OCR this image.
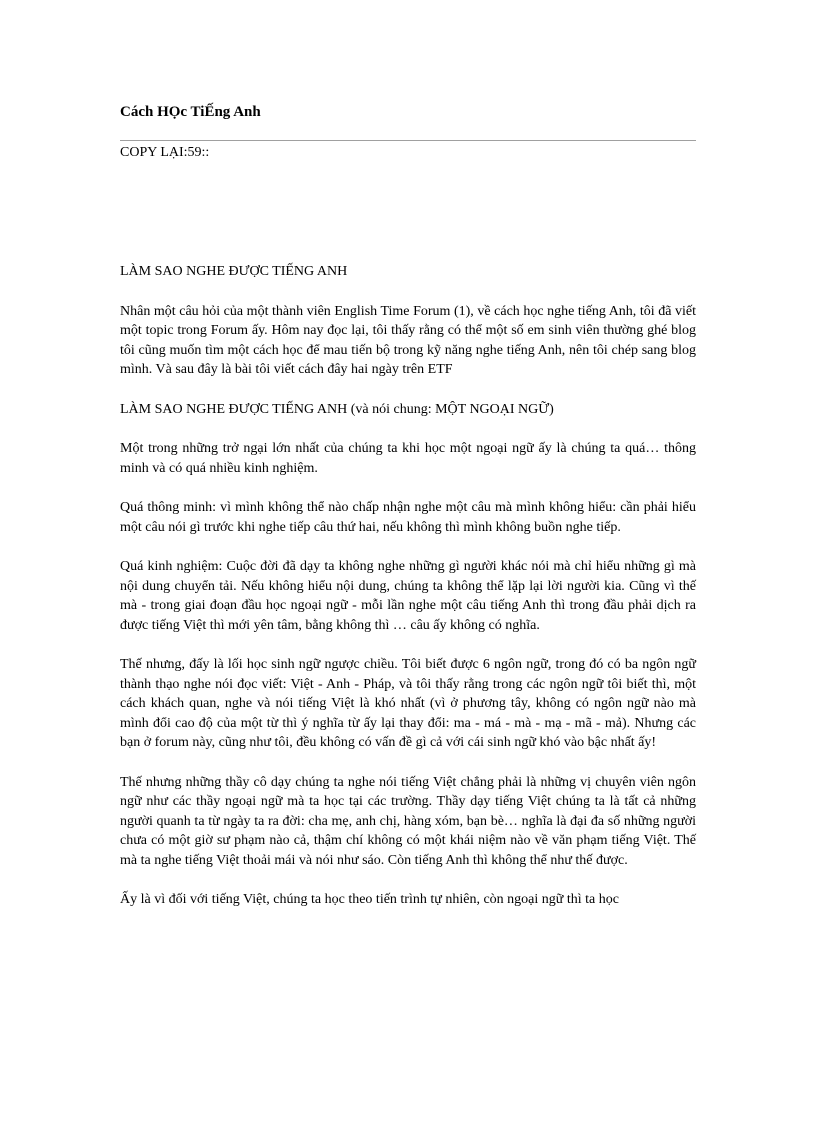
Cách HỌc TiẾng Anh

COPY LẠI:59::

LÀM SAO NGHE ĐƯỢC TIẾNG ANH

Nhân một câu hỏi của một thành viên English Time Forum (1), về cách học nghe tiếng Anh, tôi đã viết một topic trong Forum ấy. Hôm nay đọc lại, tôi thấy rằng có thể một số em sinh viên thường ghé blog tôi cũng muốn tìm một cách học để mau tiến bộ trong kỹ năng nghe tiếng Anh, nên tôi chép sang blog mình. Và sau đây là bài tôi viết cách đây hai ngày trên ETF

LÀM SAO NGHE ĐƯỢC TIẾNG ANH (và nói chung: MỘT NGOẠI NGỮ)

Một trong những trở ngại lớn nhất của chúng ta khi học một ngoại ngữ ấy là chúng ta quá… thông minh và có quá nhiều kinh nghiệm.

Quá thông minh: vì mình không thể nào chấp nhận nghe một câu mà mình không hiểu: cần phải hiểu một câu nói gì trước khi nghe tiếp câu thứ hai, nếu không thì mình không buồn nghe tiếp.

Quá kinh nghiệm: Cuộc đời đã dạy ta không nghe những gì người khác nói mà chỉ hiểu những gì mà nội dung chuyển tải. Nếu không hiểu nội dung, chúng ta không thể lặp lại lời người kia. Cũng vì thế mà - trong giai đoạn đầu học ngoại ngữ - mỗi lần nghe một câu tiếng Anh thì trong đầu phải dịch ra được tiếng Việt thì mới yên tâm, bằng không thì … câu ấy không có nghĩa.

Thế nhưng, đấy là lối học sinh ngữ ngược chiều. Tôi biết được 6 ngôn ngữ, trong đó có ba ngôn ngữ thành thạo nghe nói đọc viết: Việt - Anh - Pháp, và tôi thấy rằng trong các ngôn ngữ tôi biết thì, một cách khách quan, nghe và nói tiếng Việt là khó nhất (vì ở phương tây, không có ngôn ngữ nào mà mình đổi cao độ của một từ thì ý nghĩa từ ấy lại thay đổi: ma - má - mà - mạ - mã - mả). Nhưng các bạn ở forum này, cũng như tôi, đều không có vấn đề gì cả với cái sinh ngữ khó vào bậc nhất ấy!

Thế nhưng những thầy cô dạy chúng ta nghe nói tiếng Việt chẳng phải là những vị chuyên viên ngôn ngữ như các thầy ngoại ngữ mà ta học tại các trường. Thầy dạy tiếng Việt chúng ta là tất cả những người quanh ta từ ngày ta ra đời: cha mẹ, anh chị, hàng xóm, bạn bè… nghĩa là đại đa số những người chưa có một giờ sư phạm nào cả, thậm chí không có một khái niệm nào về văn phạm tiếng Việt. Thế mà ta nghe tiếng Việt thoải mái và nói như sáo. Còn tiếng Anh thì không thể như thế được.

Ấy là vì đối với tiếng Việt, chúng ta học theo tiến trình tự nhiên, còn ngoại ngữ thì ta học
